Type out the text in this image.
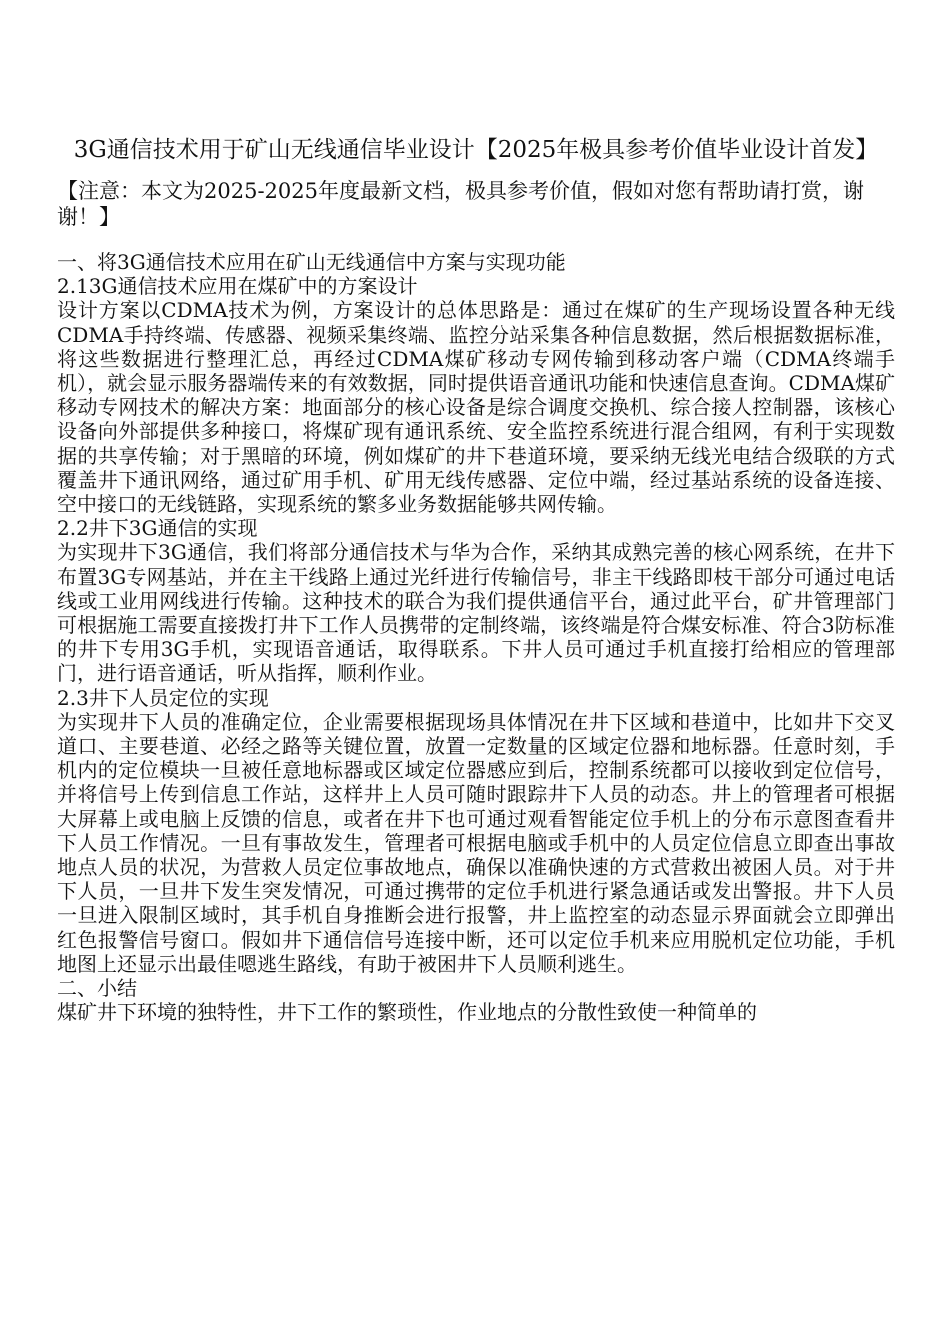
3G通信技术用于矿山无线通信毕业设计【2025年极具参考价值毕业设计首发】

【注意：本文为2025-2025年度最新文档，极具参考价值，假如对您有帮助请打赏，谢谢！】

一、将3G通信技术应用在矿山无线通信中方案与实现功能

2.13G通信技术应用在煤矿中的方案设计

设计方案以CDMA技术为例，方案设计的总体思路是：通过在煤矿的生产现场设置各种无线CDMA手持终端、传感器、视频采集终端、监控分站采集各种信息数据，然后根据数据标准，将这些数据进行整理汇总，再经过CDMA煤矿移动专网传输到移动客户端（CDMA终端手机），就会显示服务器端传来的有效数据，同时提供语音通讯功能和快速信息查询。CDMA煤矿移动专网技术的解决方案：地面部分的核心设备是综合调度交换机、综合接人控制器，该核心设备向外部提供多种接口，将煤矿现有通讯系统、安全监控系统进行混合组网，有利于实现数据的共享传输；对于黑暗的环境，例如煤矿的井下巷道环境，要采纳无线光电结合级联的方式覆盖井下通讯网络，通过矿用手机、矿用无线传感器、定位中端，经过基站系统的设备连接、空中接口的无线链路，实现系统的繁多业务数据能够共网传输。

2.2井下3G通信的实现

为实现井下3G通信，我们将部分通信技术与华为合作，采纳其成熟完善的核心网系统，在井下布置3G专网基站，并在主干线路上通过光纤进行传输信号，非主干线路即枝干部分可通过电话线或工业用网线进行传输。这种技术的联合为我们提供通信平台，通过此平台，矿井管理部门可根据施工需要直接拨打井下工作人员携带的定制终端，该终端是符合煤安标准、符合3防标准的井下专用3G手机，实现语音通话，取得联系。下井人员可通过手机直接打给相应的管理部门，进行语音通话，听从指挥，顺利作业。

2.3井下人员定位的实现

为实现井下人员的准确定位，企业需要根据现场具体情况在井下区域和巷道中，比如井下交叉道口、主要巷道、必经之路等关键位置，放置一定数量的区域定位器和地标器。任意时刻，手机内的定位模块一旦被任意地标器或区域定位器感应到后，控制系统都可以接收到定位信号，并将信号上传到信息工作站，这样井上人员可随时跟踪井下人员的动态。井上的管理者可根据大屏幕上或电脑上反馈的信息，或者在井下也可通过观看智能定位手机上的分布示意图查看井下人员工作情况。一旦有事故发生，管理者可根据电脑或手机中的人员定位信息立即查出事故地点人员的状况，为营救人员定位事故地点，确保以准确快速的方式营救出被困人员。对于井下人员，一旦井下发生突发情况，可通过携带的定位手机进行紧急通话或发出警报。井下人员一旦进入限制区域时，其手机自身推断会进行报警，井上监控室的动态显示界面就会立即弹出红色报警信号窗口。假如井下通信信号连接中断，还可以定位手机来应用脱机定位功能，手机地图上还显示出最佳嗯逃生路线，有助于被困井下人员顺利逃生。

二、小结

煤矿井下环境的独特性，井下工作的繁琐性，作业地点的分散性致使一种简单的
